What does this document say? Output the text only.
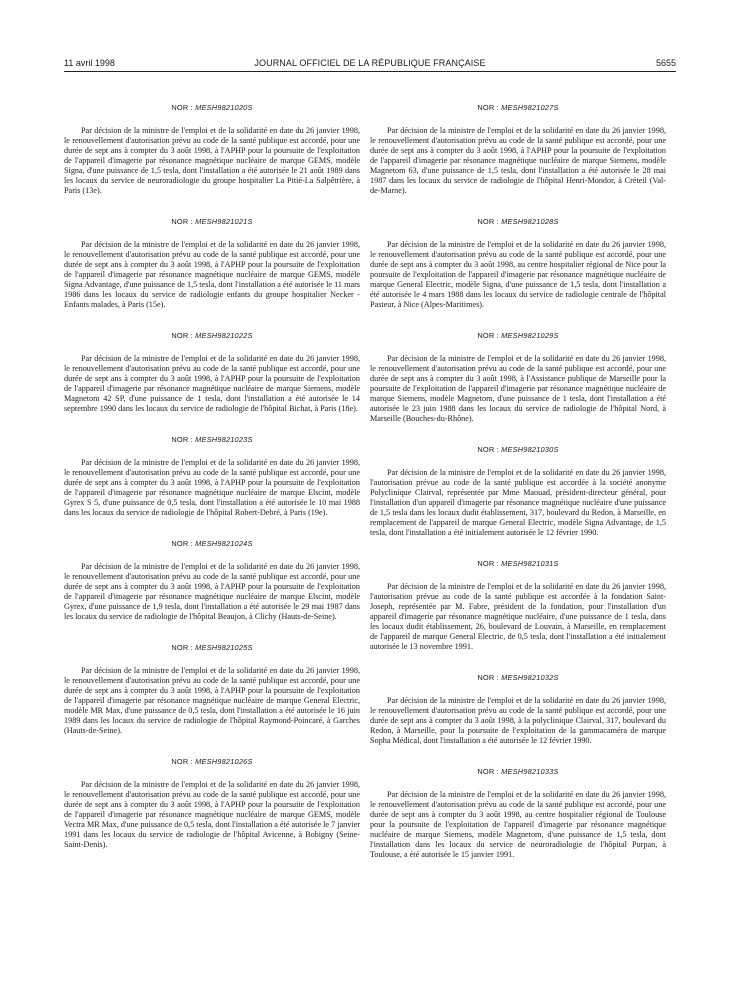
11 avril 1998	JOURNAL OFFICIEL DE LA RÉPUBLIQUE FRANÇAISE	5655

NOR : MESH9821020S

Par décision de la ministre de l'emploi et de la solidarité en date du 26 janvier 1998, le renouvellement d'autorisation prévu au code de la santé publique est accordé, pour une durée de sept ans à compter du 3 août 1998, à l'APHP pour la poursuite de l'exploitation de l'appareil d'imagerie par résonance magnétique nucléaire de marque GEMS, modèle Signa, d'une puissance de 1,5 tesla, dont l'installation a été autorisée le 21 août 1989 dans les locaux du service de neuroradiologie du groupe hospitalier La Pitié-La Salpêtrière, à Paris (13e).

NOR : MESH9821021S

Par décision de la ministre de l'emploi et de la solidarité en date du 26 janvier 1998, le renouvellement d'autorisation prévu au code de la santé publique est accordé, pour une durée de sept ans à compter du 3 août 1998, à l'APHP pour la poursuite de l'exploitation de l'appareil d'imagerie par résonance magnétique nucléaire de marque GEMS, modèle Signa Advantage, d'une puissance de 1,5 tesla, dont l'installation a été autorisée le 11 mars 1986 dans les locaux du service de radiologie enfants du groupe hospitalier Necker - Enfants malades, à Paris (15e).

NOR : MESH9821022S

Par décision de la ministre de l'emploi et de la solidarité en date du 26 janvier 1998, le renouvellement d'autorisation prévu au code de la santé publique est accordé, pour une durée de sept ans à compter du 3 août 1998, à l'APHP pour la poursuite de l'exploitation de l'appareil d'imagerie par résonance magnétique nucléaire de marque Siemens, modèle Magnetom 42 SP, d'une puissance de 1 tesla, dont l'installation a été autorisée le 14 septembre 1990 dans les locaux du service de radiologie de l'hôpital Bichat, à Paris (18e).

NOR : MESH9821023S

Par décision de la ministre de l'emploi et de la solidarité en date du 26 janvier 1998, le renouvellement d'autorisation prévu au code de la santé publique est accordé, pour une durée de sept ans à compter du 3 août 1998, à l'APHP pour la poursuite de l'exploitation de l'appareil d'imagerie par résonance magnétique nucléaire de marque Elscint, modèle Gyrex S 5, d'une puissance de 0,5 tesla, dont l'installation a été autorisée le 10 mai 1988 dans les locaux du service de radiologie de l'hôpital Robert-Debré, à Paris (19e).

NOR : MESH9821024S

Par décision de la ministre de l'emploi et de la solidarité en date du 26 janvier 1998, le renouvellement d'autorisation prévu au code de la santé publique est accordé, pour une durée de sept ans à compter du 3 août 1998, à l'APHP pour la poursuite de l'exploitation de l'appareil d'imagerie par résonance magnétique nucléaire de marque Elscint, modèle Gyrex, d'une puissance de 1,9 tesla, dont l'installation a été autorisée le 29 mai 1987 dans les locaux du service de radiologie de l'hôpital Beaujon, à Clichy (Hauts-de-Seine).

NOR : MESH9821025S

Par décision de la ministre de l'emploi et de la solidarité en date du 26 janvier 1998, le renouvellement d'autorisation prévu au code de la santé publique est accordé, pour une durée de sept ans à compter du 3 août 1998, à l'APHP pour la poursuite de l'exploitation de l'appareil d'imagerie par résonance magnétique nucléaire de marque General Electric, modèle MR Max, d'une puissance de 0,5 tesla, dont l'installation a été autorisée le 16 juin 1989 dans les locaux du service de radiologie de l'hôpital Raymond-Poincaré, à Garches (Hauts-de-Seine).

NOR : MESH9821026S

Par décision de la ministre de l'emploi et de la solidarité en date du 26 janvier 1998, le renouvellement d'autorisation prévu au code de la santé publique est accordé, pour une durée de sept ans à compter du 3 août 1998, à l'APHP pour la poursuite de l'exploitation de l'appareil d'imagerie par résonance magnétique nucléaire de marque GEMS, modèle Vectra MR Max, d'une puissance de 0,5 tesla, dont l'installation a été autorisée le 7 janvier 1991 dans les locaux du service de radiologie de l'hôpital Avicenne, à Bobigny (Seine-Saint-Denis).

NOR : MESH9821027S

Par décision de la ministre de l'emploi et de la solidarité en date du 26 janvier 1998, le renouvellement d'autorisation prévu au code de la santé publique est accordé, pour une durée de sept ans à compter du 3 août 1998, à l'APHP pour la poursuite de l'exploitation de l'appareil d'imagerie par résonance magnétique nucléaire de marque Siemens, modèle Magnetom 63, d'une puissance de 1,5 tesla, dont l'installation a été autorisée le 28 mai 1987 dans les locaux du service de radiologie de l'hôpital Henri-Mondor, à Créteil (Val-de-Marne).

NOR : MESH9821028S

Par décision de la ministre de l'emploi et de la solidarité en date du 26 janvier 1998, le renouvellement d'autorisation prévu au code de la santé publique est accordé, pour une durée de sept ans à compter du 3 août 1998, au centre hospitalier régional de Nice pour la poursuite de l'exploitation de l'appareil d'imagerie par résonance magnétique nucléaire de marque General Electric, modèle Signa, d'une puissance de 1,5 tesla, dont l'installation a été autorisée le 4 mars 1988 dans les locaux du service de radiologie centrale de l'hôpital Pasteur, à Nice (Alpes-Maritimes).

NOR : MESH9821029S

Par décision de la ministre de l'emploi et de la solidarité en date du 26 janvier 1998, le renouvellement d'autorisation prévu au code de la santé publique est accordé, pour une durée de sept ans à compter du 3 août 1998, à l'Assistance publique de Marseille pour la poursuite de l'exploitation de l'appareil d'imagerie par résonance magnétique nucléaire de marque Siemens, modèle Magnetom, d'une puissance de 1 tesla, dont l'installation a été autorisée le 23 juin 1988 dans les locaux du service de radiologie de l'hôpital Nord, à Marseille (Bouches-du-Rhône).

NOR : MESH9821030S

Par décision de la ministre de l'emploi et de la solidarité en date du 26 janvier 1998, l'autorisation prévue au code de la santé publique est accordée à la société anonyme Polyclinique Clairval, représentée par Mme Maouad, président-directeur général, pour l'installation d'un appareil d'imagerie par résonance magnétique nucléaire d'une puissance de 1,5 tesla dans les locaux dudit établissement, 317, boulevard du Redon, à Marseille, en remplacement de l'appareil de marque General Electric, modèle Signa Advantage, de 1,5 tesla, dont l'installation a été initialement autorisée le 12 février 1990.

NOR : MESH9821031S

Par décision de la ministre de l'emploi et de la solidarité en date du 26 janvier 1998, l'autorisation prévue au code de la santé publique est accordée à la fondation Saint-Joseph, représentée par M. Fabre, président de la fondation, pour l'installation d'un appareil d'imagerie par résonance magnétique nucléaire, d'une puissance de 1 tesla, dans les locaux dudit établissement, 26, boulevard de Louvain, à Marseille, en remplacement de l'appareil de marque General Electric, de 0,5 tesla, dont l'installation a été initialement autorisée le 13 novembre 1991.

NOR : MESH9821032S

Par décision de la ministre de l'emploi et de la solidarité en date du 26 janvier 1998, le renouvellement d'autorisation prévu au code de la santé publique est accordé, pour une durée de sept ans à compter du 3 août 1998, à la polyclinique Clairval, 317, boulevard du Redon, à Marseille, pour la poursuite de l'exploitation de la gammacaméra de marque Sopha Médical, dont l'installation a été autorisée le 12 février 1990.

NOR : MESH9821033S

Par décision de la ministre de l'emploi et de la solidarité en date du 26 janvier 1998, le renouvellement d'autorisation prévu au code de la santé publique est accordé, pour une durée de sept ans à compter du 3 août 1998, au centre hospitalier régional de Toulouse pour la poursuite de l'exploitation de l'appareil d'imagerie par résonance magnétique nucléaire de marque Siemens, modèle Magnetom, d'une puissance de 1,5 tesla, dont l'installation dans les locaux du service de neuroradiologie de l'hôpital Purpan, à Toulouse, a été autorisée le 15 janvier 1991.
